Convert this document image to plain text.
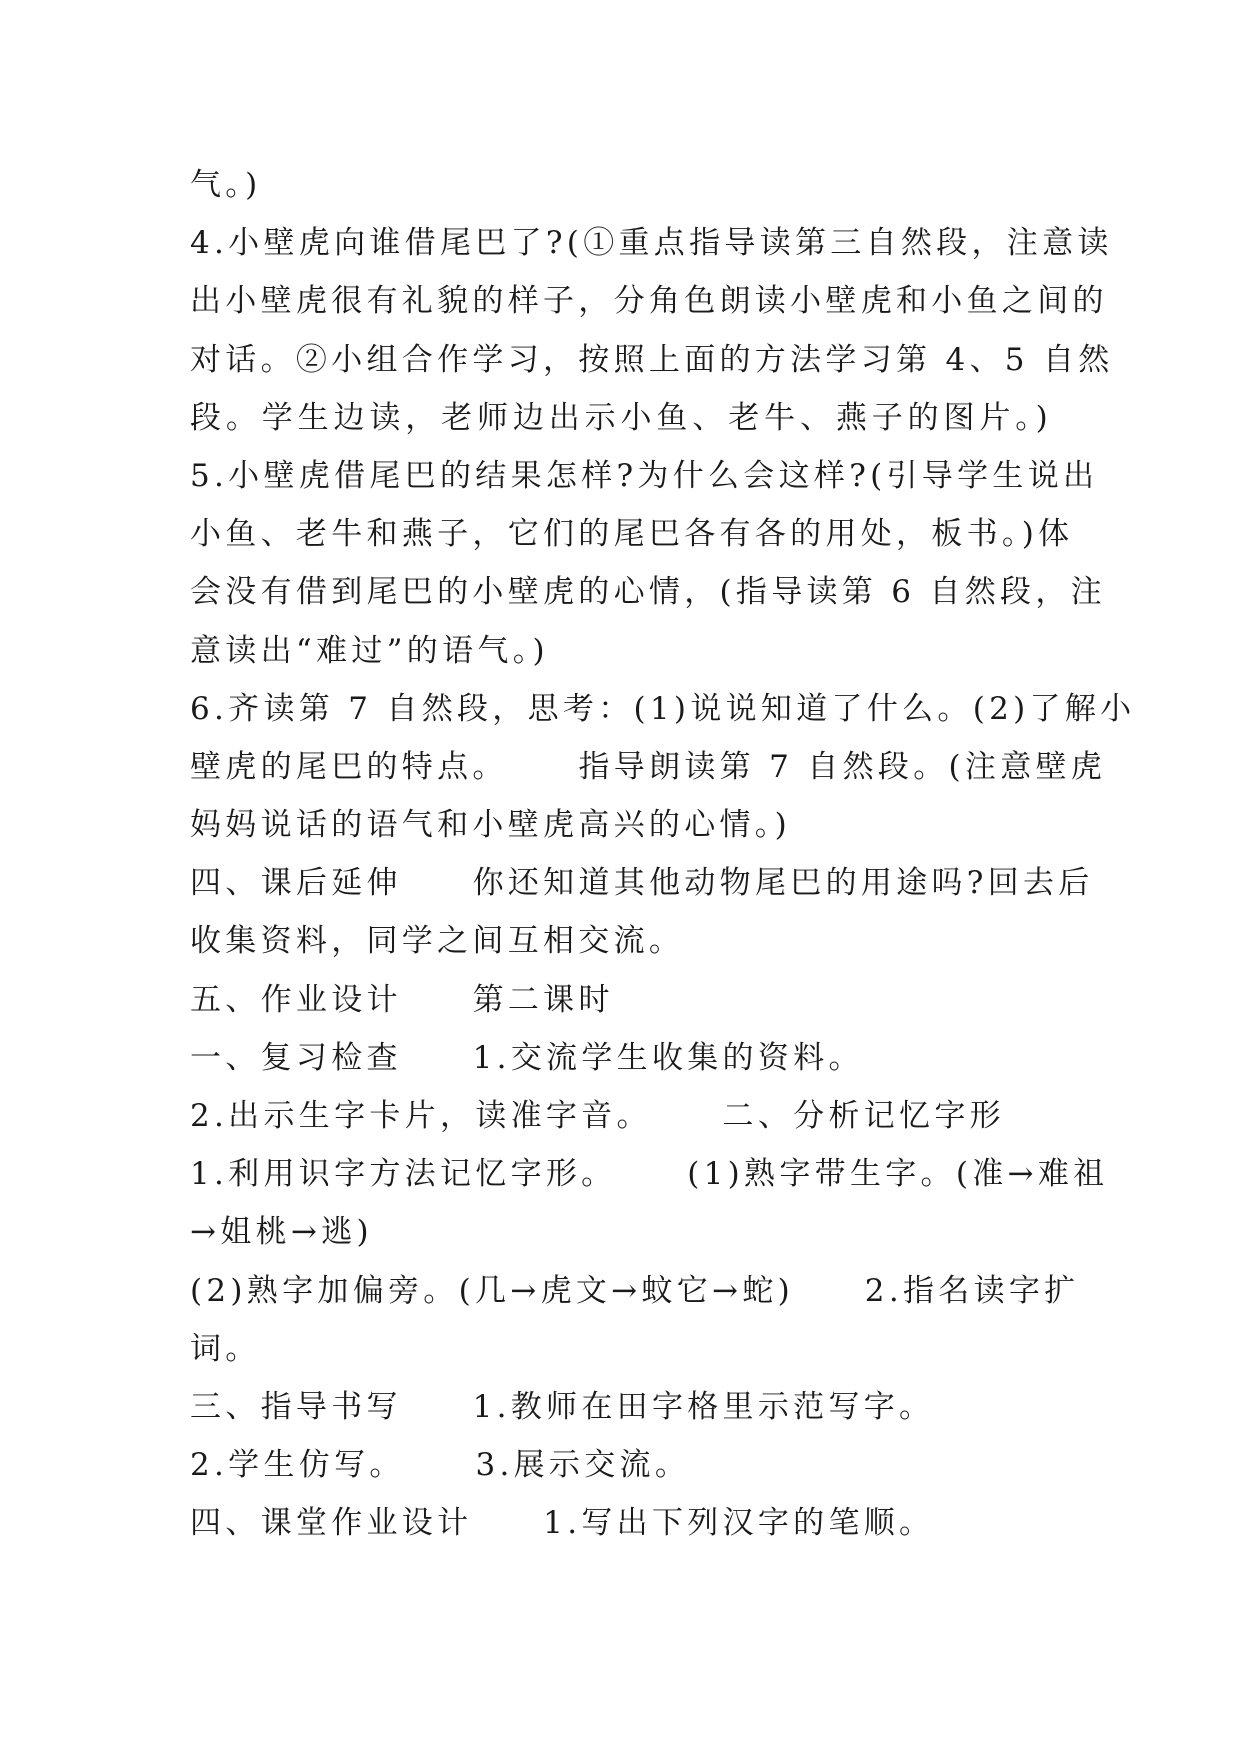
气。)
4.小壁虎向谁借尾巴了?(①重点指导读第三自然段，注意读
出小壁虎很有礼貌的样子，分角色朗读小壁虎和小鱼之间的
对话。②小组合作学习，按照上面的方法学习第 4、5 自然
段。学生边读，老师边出示小鱼、老牛、燕子的图片。)
5.小壁虎借尾巴的结果怎样?为什么会这样?(引导学生说出
小鱼、老牛和燕子，它们的尾巴各有各的用处，板书。)体
会没有借到尾巴的小壁虎的心情，(指导读第 6 自然段，注
意读出“难过”的语气。)
6.齐读第 7 自然段，思考：(1)说说知道了什么。(2)了解小
壁虎的尾巴的特点。     指导朗读第 7 自然段。(注意壁虎
妈妈说话的语气和小壁虎高兴的心情。)
四、课后延伸     你还知道其他动物尾巴的用途吗?回去后
收集资料，同学之间互相交流。
五、作业设计     第二课时
一、复习检查     1.交流学生收集的资料。
2.出示生字卡片，读准字音。     二、分析记忆字形
1.利用识字方法记忆字形。     (1)熟字带生字。(准→难祖
→姐桃→逃)
(2)熟字加偏旁。(几→虎文→蚊它→蛇)     2.指名读字扩
词。
三、指导书写     1.教师在田字格里示范写字。
2.学生仿写。     3.展示交流。
四、课堂作业设计     1.写出下列汉字的笔顺。
